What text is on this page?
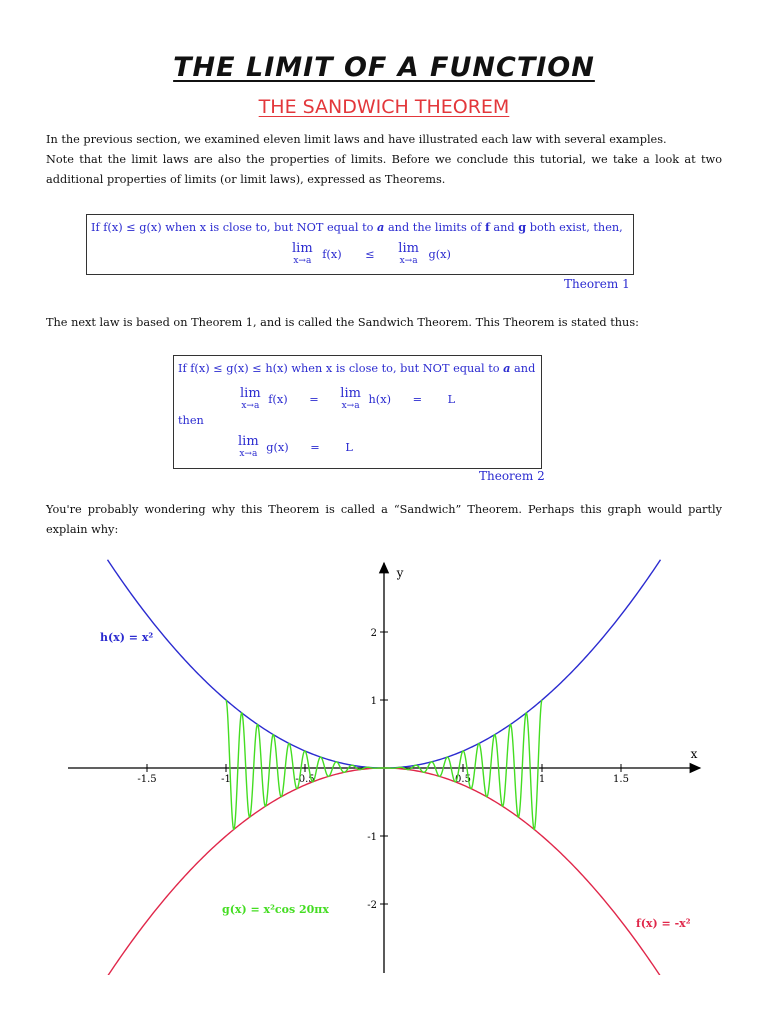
THE LIMIT OF A FUNCTION
THE SANDWICH THEOREM
In the previous section, we examined eleven limit laws and have illustrated each law with several examples.
Note that the limit laws are also the properties of limits. Before we conclude this tutorial, we take a look at two additional properties of limits (or limit laws), expressed as Theorems.
If f(x) ≤ g(x) when x is close to, but NOT equal to a and the limits of f and g both exist, then,
lim
x→a f(x) ≤ lim
x→a g(x)
Theorem 1
The next law is based on Theorem 1, and is called the Sandwich Theorem. This Theorem is stated thus:
If f(x) ≤ g(x) ≤ h(x) when x is close to, but NOT equal to a and
lim
x→a f(x) = lim
x→a h(x) = L
then
lim
x→a g(x) = L
Theorem 2
You're probably wondering why this Theorem is called a “Sandwich” Theorem. Perhaps this graph would partly explain why:
-1.5	-1	-0.5	0.5	1	1.5
2
1
-1
-2
x
y
h(x) = x²
f(x) = -x²
g(x) = x²cos 20πx
